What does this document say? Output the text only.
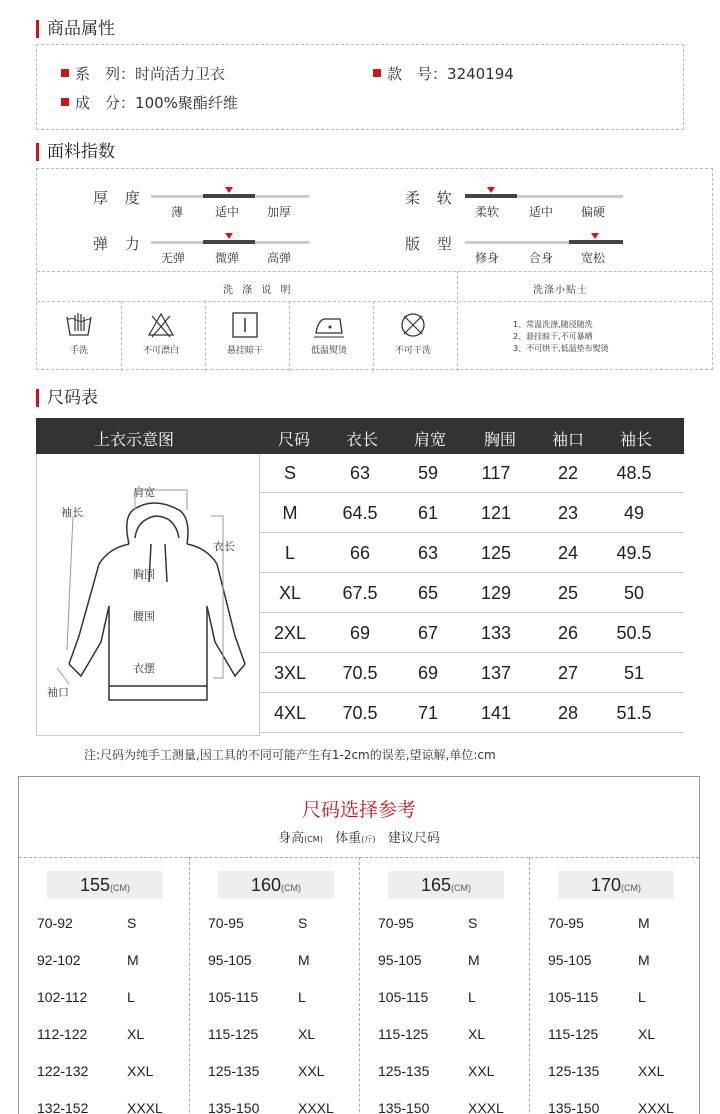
商品属性
系　列：时尚活力卫衣	款　号：3240194
成　分：100%聚酯纤维
面料指数
厚 度
薄	适中 加厚
柔 软
柔软 适中 偏硬
弹 力
无弹 微弹 高弹
版 型
修身 合身 宽松
洗 涤 说 明	洗涤小贴士
手洗	不可漂白	悬挂晾干	低温熨烫	不可干洗
1、常温洗涤,随浸随洗
2、悬挂晾干,不可暴晒
3、不可烘干,低温垫布熨烫
尺码表
上衣示意图	尺码 衣长 肩宽 胸围 袖口 袖长
肩宽
袖长
衣长
胸围
腰围
衣摆
袖口
S	63	59 117	22 48.5
M 64.5 61 121	23	49
L	66	63 125	24 49.5
XL 67.5 65 129	25	50
2XL 69	67 133	26 50.5
3XL 70.5 69 137	27	51
4XL 70.5 71 141	28 51.5
注:尺码为纯手工测量,因工具的不同可能产生有1-2cm的误差,望谅解,单位:cm
尺码选择参考
身高(CM) 体重(斤) 建议尺码
155(CM)
70-92	S
92-102	M
102-112	L
112-122	XL
122-132	XXL
132-152	XXXL
160(CM)
70-95	S
95-105	M
105-115	L
115-125	XL
125-135	XXL
135-150	XXXL
165(CM)
70-95	S
95-105	M
105-115	L
115-125	XL
125-135	XXL
135-150	XXXL
170(CM)
70-95	M
95-105	M
105-115	L
115-125	XL
125-135	XXL
135-150	XXXL
